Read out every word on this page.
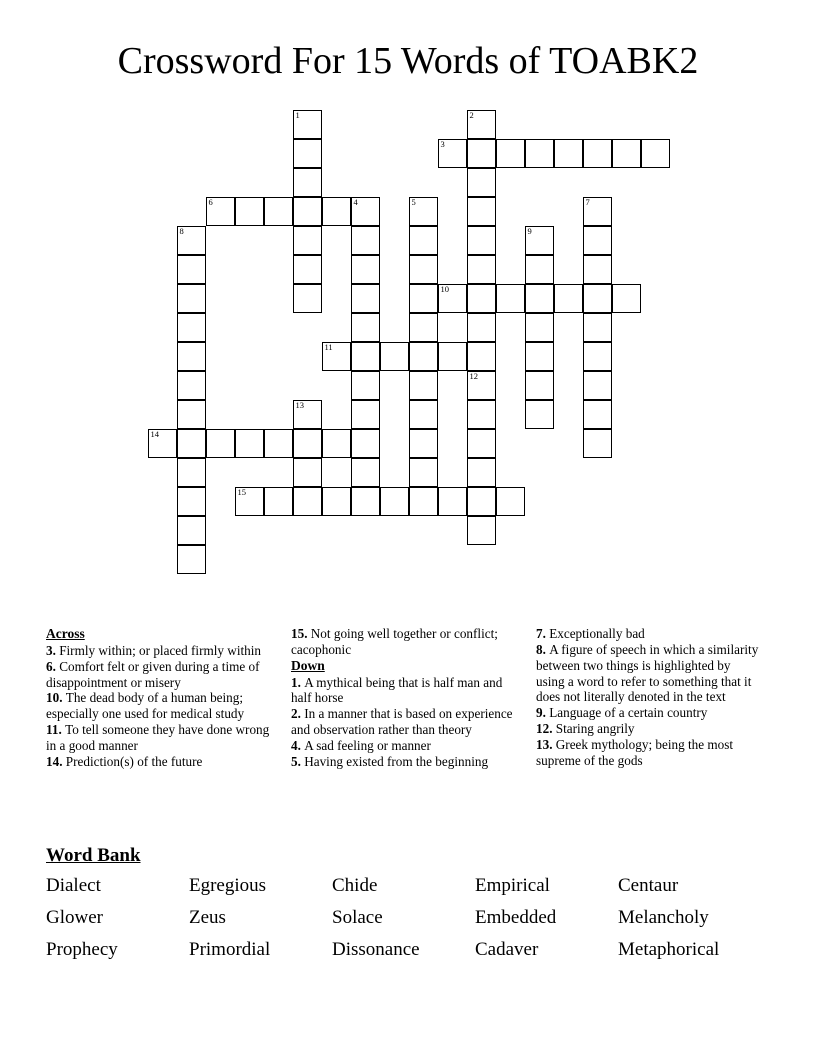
Crossword For 15 Words of TOABK2
1	2
3
4	5
6	7
8	9
10
11
12
13
14
15
Across

3. Firmly within; or placed firmly within

6. Comfort felt or given during a time of disappointment or misery

10. The dead body of a human being; especially one used for medical study

11. To tell someone they have done wrong in a good manner

14. Prediction(s) of the future

15. Not going well together or conflict; cacophonic

Down

1. A mythical being that is half man and half horse

2. In a manner that is based on experience and observation rather than theory

4. A sad feeling or manner

5. Having existed from the beginning

7. Exceptionally bad

8. A figure of speech in which a similarity between two things is highlighted by using a word to refer to something that it does not literally denoted in the text

9. Language of a certain country

12. Staring angrily

13. Greek mythology; being the most supreme of the gods

Word Bank
Dialect	Egregious	Chide	Empirical	Centaur
Glower	Zeus	Solace	Embedded	Melancholy
Prophecy	Primordial	Dissonance	Cadaver	Metaphorical
